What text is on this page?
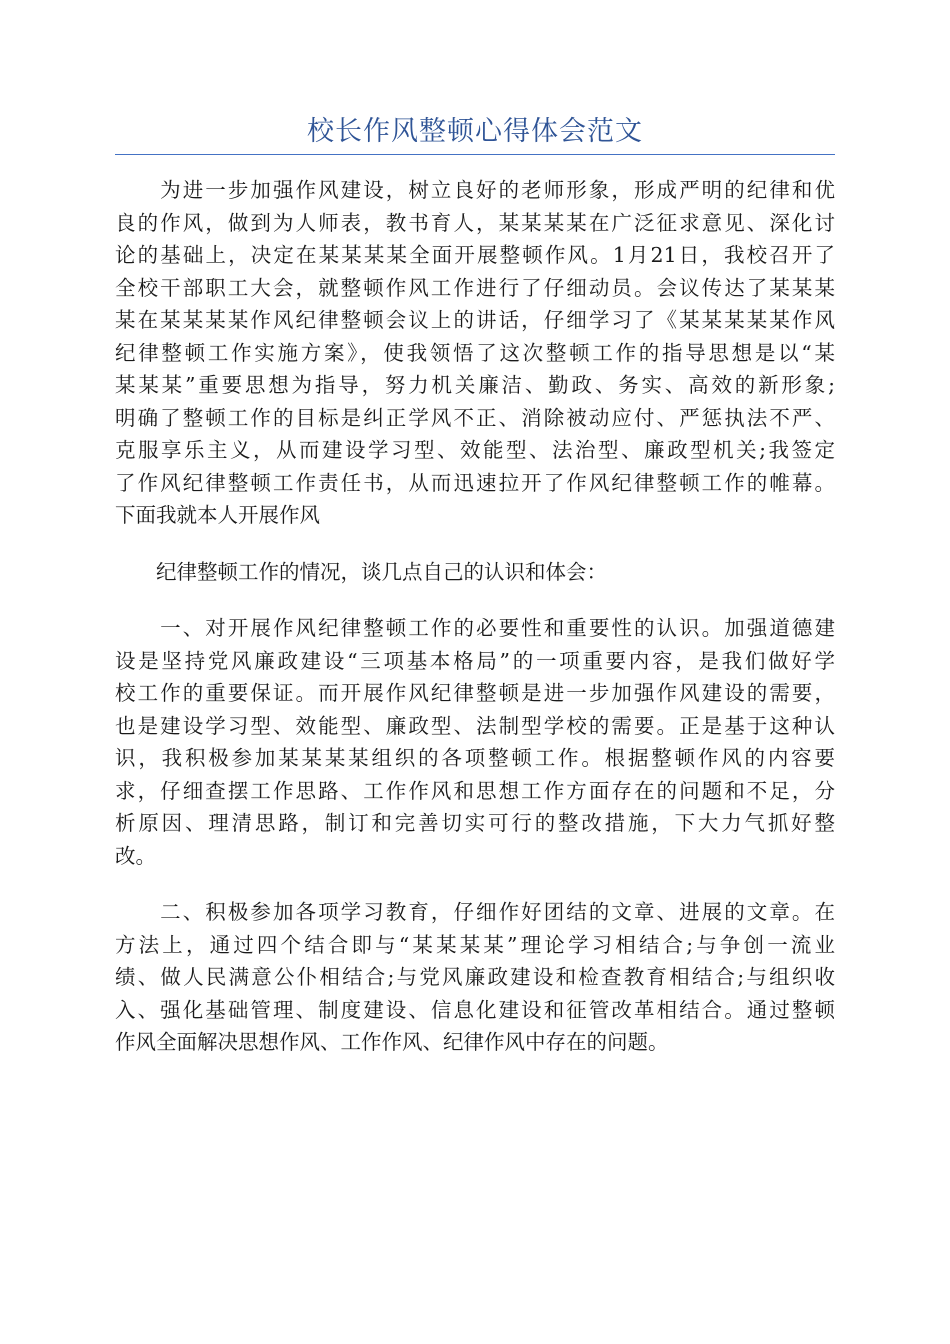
校长作风整顿心得体会范文

　　为进一步加强作风建设，树立良好的老师形象，形成严明的纪律和优
良的作风，做到为人师表，教书育人，某某某某在广泛征求意见、深化讨
论的基础上，决定在某某某某全面开展整顿作风。1月21日，我校召开了
全校干部职工大会，就整顿作风工作进行了仔细动员。会议传达了某某某
某在某某某某作风纪律整顿会议上的讲话，仔细学习了《某某某某某作风
纪律整顿工作实施方案》，使我领悟了这次整顿工作的指导思想是以“某
某某某”重要思想为指导，努力机关廉洁、勤政、务实、高效的新形象;
明确了整顿工作的目标是纠正学风不正、消除被动应付、严惩执法不严、
克服享乐主义，从而建设学习型、效能型、法治型、廉政型机关;我签定
了作风纪律整顿工作责任书，从而迅速拉开了作风纪律整顿工作的帷幕。
下面我就本人开展作风

　　纪律整顿工作的情况，谈几点自己的认识和体会：

　　一、对开展作风纪律整顿工作的必要性和重要性的认识。加强道德建
设是坚持党风廉政建设“三项基本格局”的一项重要内容，是我们做好学
校工作的重要保证。而开展作风纪律整顿是进一步加强作风建设的需要，
也是建设学习型、效能型、廉政型、法制型学校的需要。正是基于这种认
识，我积极参加某某某某组织的各项整顿工作。根据整顿作风的内容要
求，仔细查摆工作思路、工作作风和思想工作方面存在的问题和不足，分
析原因、理清思路，制订和完善切实可行的整改措施，下大力气抓好整
改。

　　二、积极参加各项学习教育，仔细作好团结的文章、进展的文章。在
方法上，通过四个结合即与“某某某某”理论学习相结合;与争创一流业
绩、做人民满意公仆相结合;与党风廉政建设和检查教育相结合;与组织收
入、强化基础管理、制度建设、信息化建设和征管改革相结合。通过整顿
作风全面解决思想作风、工作作风、纪律作风中存在的问题。
